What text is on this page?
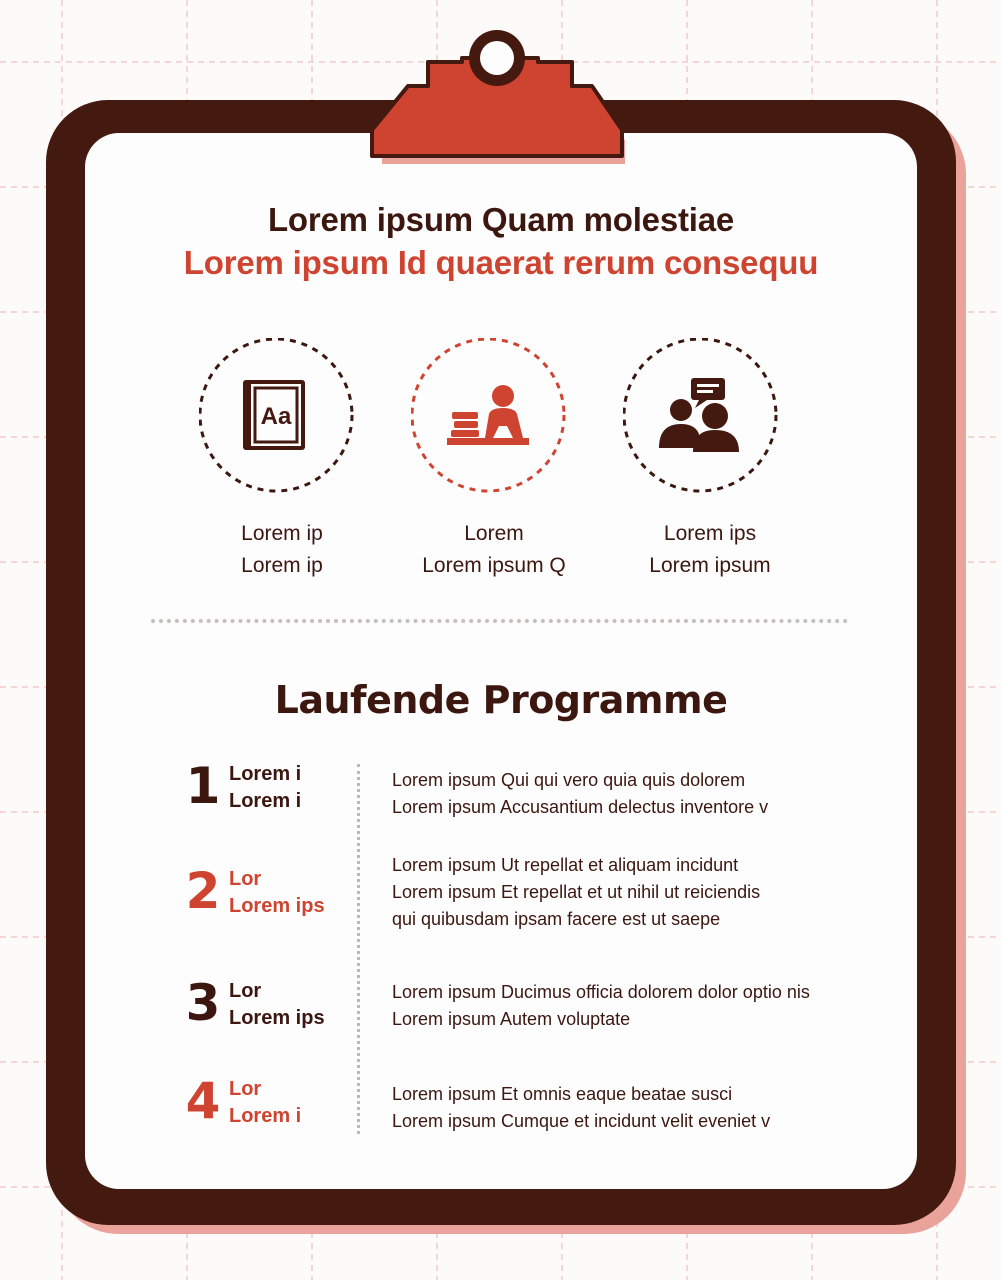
Lorem ipsum Quam molestiae
Lorem ipsum Id quaerat rerum consequu
Aa
Lorem ip
Lorem ip
Lorem
Lorem ipsum Q
Lorem ips
Lorem ipsum
Laufende Programme
1 Lorem i
Lorem i
Lorem ipsum Qui qui vero quia quis dolorem
Lorem ipsum Accusantium delectus inventore v
2 Lor
Lorem ips
Lorem ipsum Ut repellat et aliquam incidunt
Lorem ipsum Et repellat et ut nihil ut reiciendis
qui quibusdam ipsam facere est ut saepe
3 Lor
Lorem ips
Lorem ipsum Ducimus officia dolorem dolor optio nis
Lorem ipsum Autem voluptate
4 Lor
Lorem i
Lorem ipsum Et omnis eaque beatae susci
Lorem ipsum Cumque et incidunt velit eveniet v
